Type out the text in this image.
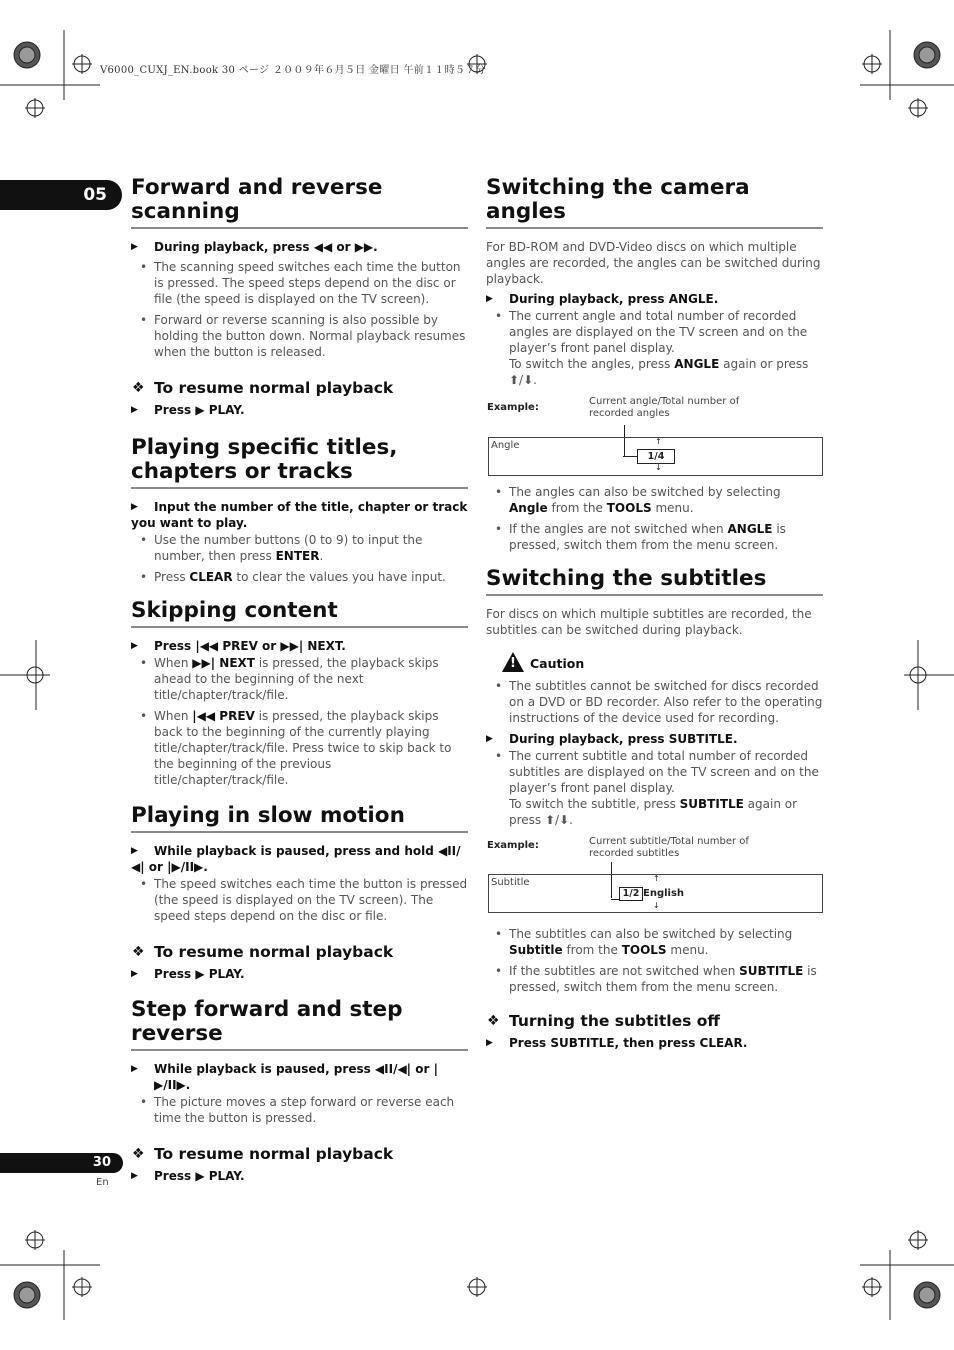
V6000_CUXJ_EN.book 30 ページ ２００９年６月５日 金曜日 午前１１時５７分
05 Forward and reverse scanning
▶ During playback, press ◀◀ or ▶▶.
• The scanning speed switches each time the button is pressed. The speed steps depend on the disc or file (the speed is displayed on the TV screen).
• Forward or reverse scanning is also possible by holding the button down. Normal playback resumes when the button is released.
❖ To resume normal playback
▶ Press ▶ PLAY.
Playing specific titles, chapters or tracks
▶ Input the number of the title, chapter or track you want to play.
• Use the number buttons (0 to 9) to input the number, then press ENTER.
• Press CLEAR to clear the values you have input.
Skipping content
▶ Press |◀◀ PREV or ▶▶| NEXT.
• When ▶▶| NEXT is pressed, the playback skips ahead to the beginning of the next title/chapter/track/file.
• When |◀◀ PREV is pressed, the playback skips back to the beginning of the currently playing title/chapter/track/file. Press twice to skip back to the beginning of the previous title/chapter/track/file.
Playing in slow motion
▶ While playback is paused, press and hold ◀II/◀| or |▶/II▶.
• The speed switches each time the button is pressed (the speed is displayed on the TV screen). The speed steps depend on the disc or file.
❖ To resume normal playback
▶ Press ▶ PLAY.
Step forward and step reverse
▶ While playback is paused, press ◀II/◀| or |▶/II▶.
• The picture moves a step forward or reverse each time the button is pressed.
❖ To resume normal playback
▶ Press ▶ PLAY.
Switching the camera angles
For BD-ROM and DVD-Video discs on which multiple angles are recorded, the angles can be switched during playback.
▶ During playback, press ANGLE.
• The current angle and total number of recorded angles are displayed on the TV screen and on the player’s front panel display.
To switch the angles, press ANGLE again or press ⬆/⬇.
Example:
Current angle/Total number of recorded angles
Angle
1/4
↑
↓
• The angles can also be switched by selecting Angle from the TOOLS menu.
• If the angles are not switched when ANGLE is pressed, switch them from the menu screen.
Switching the subtitles
For discs on which multiple subtitles are recorded, the subtitles can be switched during playback.
! Caution
• The subtitles cannot be switched for discs recorded on a DVD or BD recorder. Also refer to the operating instructions of the device used for recording.
▶ During playback, press SUBTITLE.
• The current subtitle and total number of recorded subtitles are displayed on the TV screen and on the player’s front panel display.
To switch the subtitle, press SUBTITLE again or press ⬆/⬇.
Example:	Current subtitle/Total number of recorded subtitles
Subtitle
1/2 English
↑
↓
• The subtitles can also be switched by selecting Subtitle from the TOOLS menu.
• If the subtitles are not switched when SUBTITLE is pressed, switch them from the menu screen.
❖ Turning the subtitles off
▶ Press SUBTITLE, then press CLEAR.
30
En
